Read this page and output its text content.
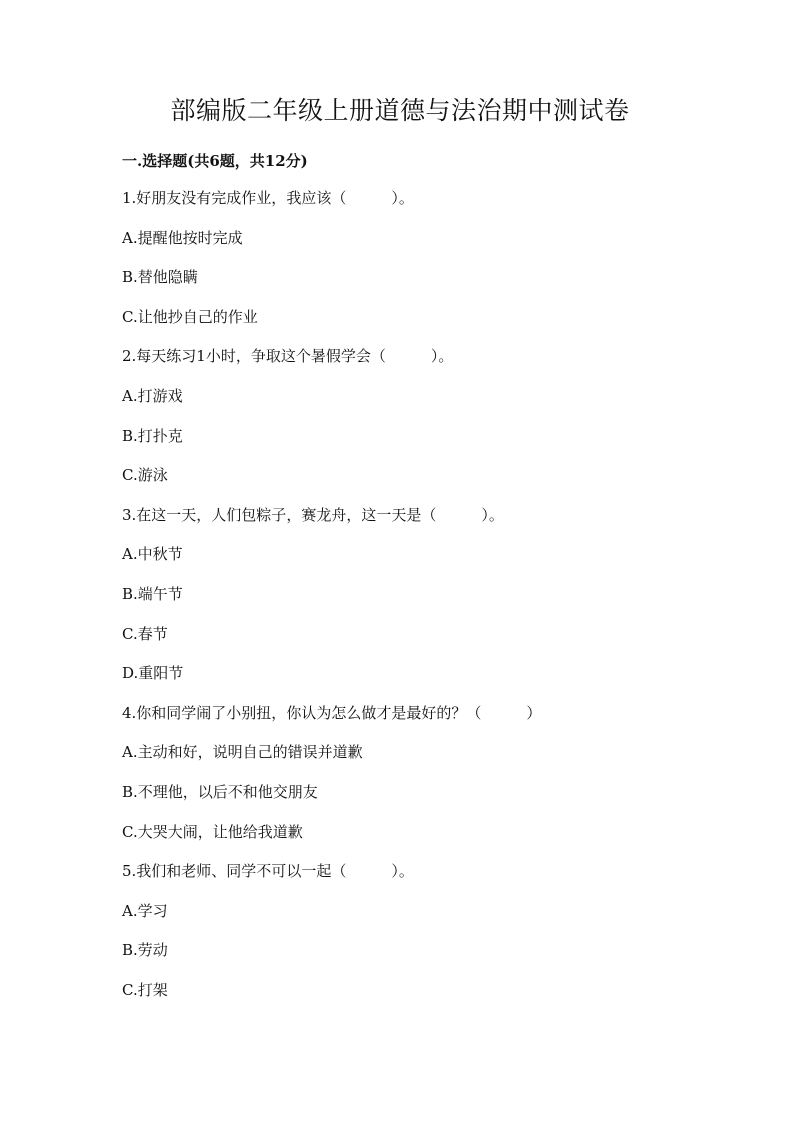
部编版二年级上册道德与法治期中测试卷
一.选择题(共6题，共12分)
1.好朋友没有完成作业，我应该（　　　）。
A.提醒他按时完成
B.替他隐瞒
C.让他抄自己的作业
2.每天练习1小时，争取这个暑假学会（　　　）。
A.打游戏
B.打扑克
C.游泳
3.在这一天，人们包粽子，赛龙舟，这一天是（　　　）。
A.中秋节
B.端午节
C.春节
D.重阳节
4.你和同学闹了小别扭，你认为怎么做才是最好的？（　　　）
A.主动和好，说明自己的错误并道歉
B.不理他，以后不和他交朋友
C.大哭大闹，让他给我道歉
5.我们和老师、同学不可以一起（　　　）。
A.学习
B.劳动
C.打架
